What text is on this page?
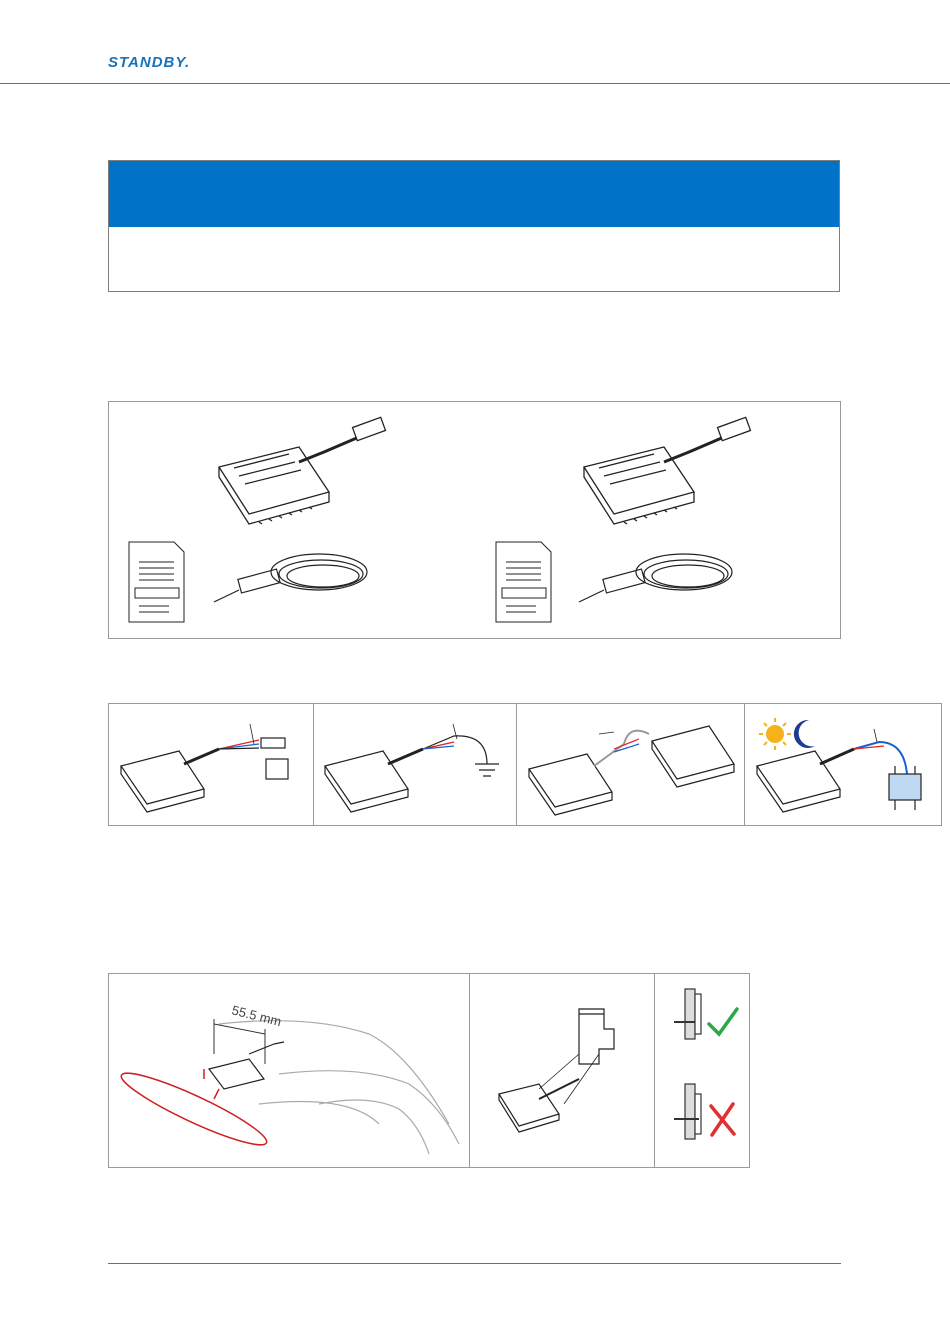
STANDBY.
55.5 mm
